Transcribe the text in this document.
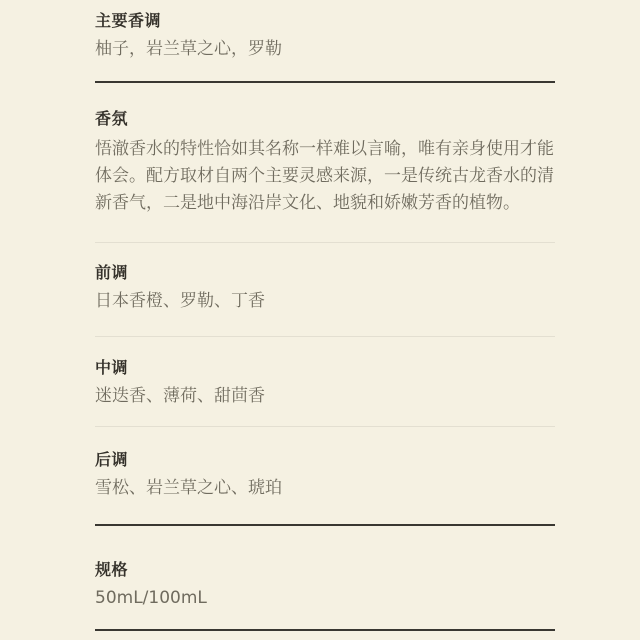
主要香调

柚子，岩兰草之心，罗勒

香氛

悟澈香水的特性恰如其名称一样难以言喻，唯有亲身使用才能体会。配方取材自两个主要灵感来源，一是传统古龙香水的清新香气，二是地中海沿岸文化、地貌和娇嫩芳香的植物。

前调

日本香橙、罗勒、丁香

中调

迷迭香、薄荷、甜茴香

后调

雪松、岩兰草之心、琥珀

规格

50mL/100mL
